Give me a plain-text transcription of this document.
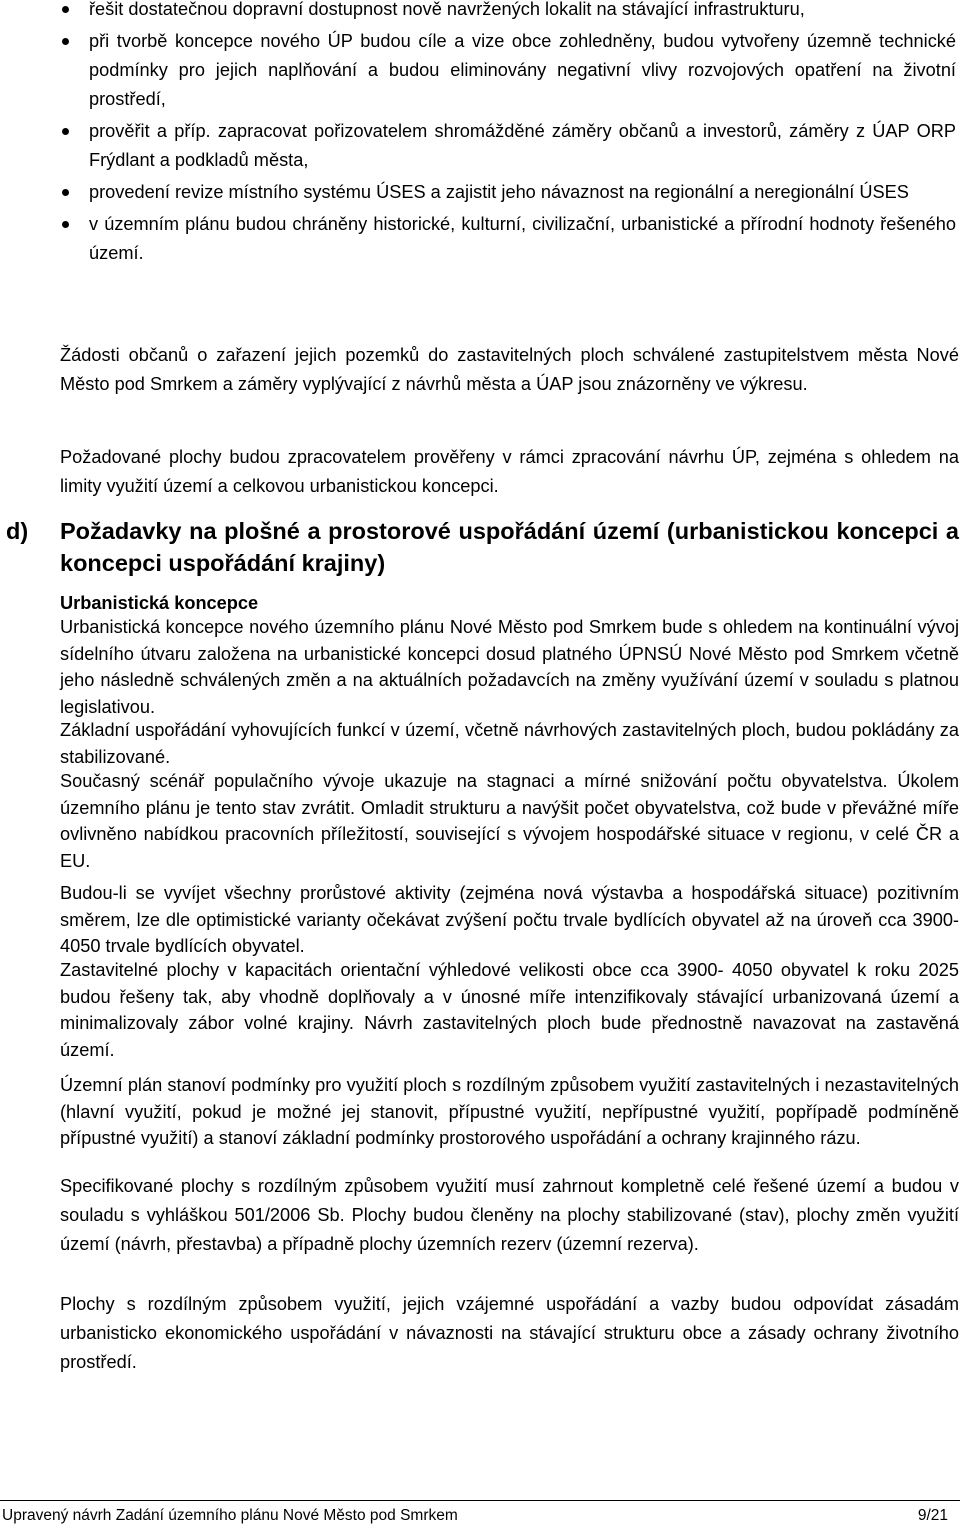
řešit dostatečnou dopravní dostupnost nově navržených lokalit na stávající infrastrukturu,
při tvorbě koncepce nového ÚP budou cíle a vize obce zohledněny, budou vytvořeny územně technické podmínky pro jejich naplňování a budou eliminovány negativní vlivy rozvojových opatření na životní prostředí,
prověřit a příp. zapracovat pořizovatelem shromážděné záměry občanů a investorů, záměry z ÚAP ORP Frýdlant a podkladů města,
provedení revize místního systému ÚSES a zajistit jeho návaznost na regionální a neregionální ÚSES
v územním plánu budou chráněny historické, kulturní, civilizační, urbanistické a přírodní hodnoty řešeného území.

Žádosti občanů o zařazení jejich pozemků do zastavitelných ploch schválené zastupitelstvem města Nové Město pod Smrkem a záměry vyplývající z návrhů města a ÚAP jsou znázorněny ve výkresu.

Požadované plochy budou zpracovatelem prověřeny v rámci zpracování návrhu ÚP, zejména s ohledem na limity využití území a celkovou urbanistickou koncepci.

d) Požadavky na plošné a prostorové uspořádání území (urbanistickou koncepci a koncepci uspořádání krajiny)
Urbanistická koncepce

Urbanistická koncepce nového územního plánu Nové Město pod Smrkem bude s ohledem na kontinuální vývoj sídelního útvaru založena na urbanistické koncepci dosud platného ÚPNSÚ Nové Město pod Smrkem včetně jeho následně schválených změn a na aktuálních požadavcích na změny využívání území v souladu s platnou legislativou.

Základní uspořádání vyhovujících funkcí v území, včetně návrhových zastavitelných ploch, budou pokládány za stabilizované.

Současný scénář populačního vývoje ukazuje na stagnaci a mírné snižování počtu obyvatelstva. Úkolem územního plánu je tento stav zvrátit. Omladit strukturu a navýšit počet obyvatelstva, což bude v převážné míře ovlivněno nabídkou pracovních příležitostí, související s vývojem hospodářské situace v regionu, v celé ČR a EU.

Budou-li se vyvíjet všechny prorůstové aktivity (zejména nová výstavba a hospodářská situace) pozitivním směrem, lze dle optimistické varianty očekávat zvýšení počtu trvale bydlících obyvatel až na úroveň cca 3900- 4050 trvale bydlících obyvatel.

Zastavitelné plochy v kapacitách orientační výhledové velikosti obce cca 3900- 4050 obyvatel k roku 2025 budou řešeny tak, aby vhodně doplňovaly a v únosné míře intenzifikovaly stávající urbanizovaná území a minimalizovaly zábor volné krajiny. Návrh zastavitelných ploch bude přednostně navazovat na zastavěná území.

Územní plán stanoví podmínky pro využití ploch s rozdílným způsobem využití zastavitelných i nezastavitelných (hlavní využití, pokud je možné jej stanovit, přípustné využití, nepřípustné využití, popřípadě podmíněně přípustné využití) a stanoví základní podmínky prostorového uspořádání a ochrany krajinného rázu.

Specifikované plochy s rozdílným způsobem využití musí zahrnout kompletně celé řešené území a budou v souladu s vyhláškou 501/2006 Sb. Plochy budou členěny na plochy stabilizované (stav), plochy změn využití území (návrh, přestavba) a případně plochy územních rezerv (územní rezerva).

Plochy s rozdílným způsobem využití, jejich vzájemné uspořádání a vazby budou odpovídat zásadám urbanisticko ekonomického uspořádání v návaznosti na stávající strukturu obce a zásady ochrany životního prostředí.

Upravený návrh Zadání územního plánu Nové Město pod Smrkem	9/21
